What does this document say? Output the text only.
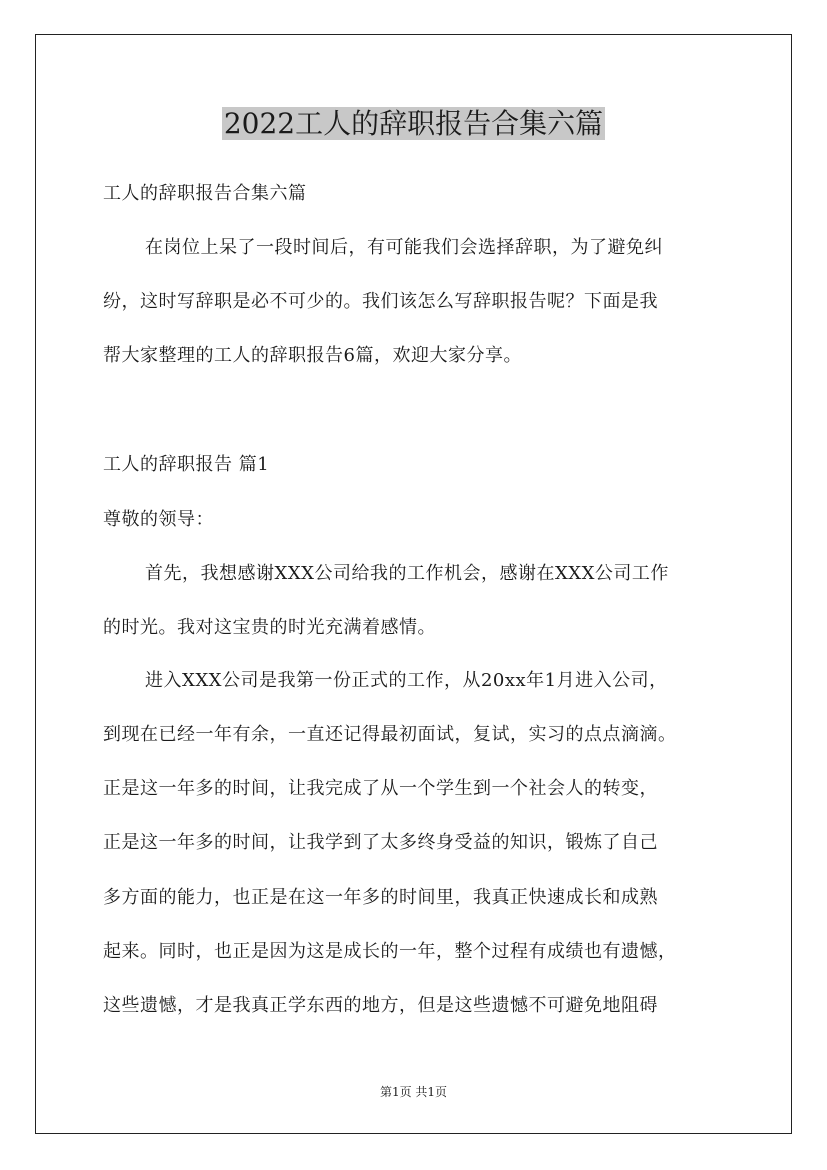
2022工人的辞职报告合集六篇

工人的辞职报告合集六篇

在岗位上呆了一段时间后，有可能我们会选择辞职，为了避免纠

纷，这时写辞职是必不可少的。我们该怎么写辞职报告呢？下面是我

帮大家整理的工人的辞职报告6篇，欢迎大家分享。

工人的辞职报告 篇1

尊敬的领导：

首先，我想感谢XXX公司给我的工作机会，感谢在XXX公司工作

的时光。我对这宝贵的时光充满着感情。

进入XXX公司是我第一份正式的工作，从20xx年1月进入公司，

到现在已经一年有余，一直还记得最初面试，复试，实习的点点滴滴。

正是这一年多的时间，让我完成了从一个学生到一个社会人的转变，

正是这一年多的时间，让我学到了太多终身受益的知识，锻炼了自己

多方面的能力，也正是在这一年多的时间里，我真正快速成长和成熟

起来。同时，也正是因为这是成长的一年，整个过程有成绩也有遗憾，

这些遗憾，才是我真正学东西的地方，但是这些遗憾不可避免地阻碍

第1页 共1页
